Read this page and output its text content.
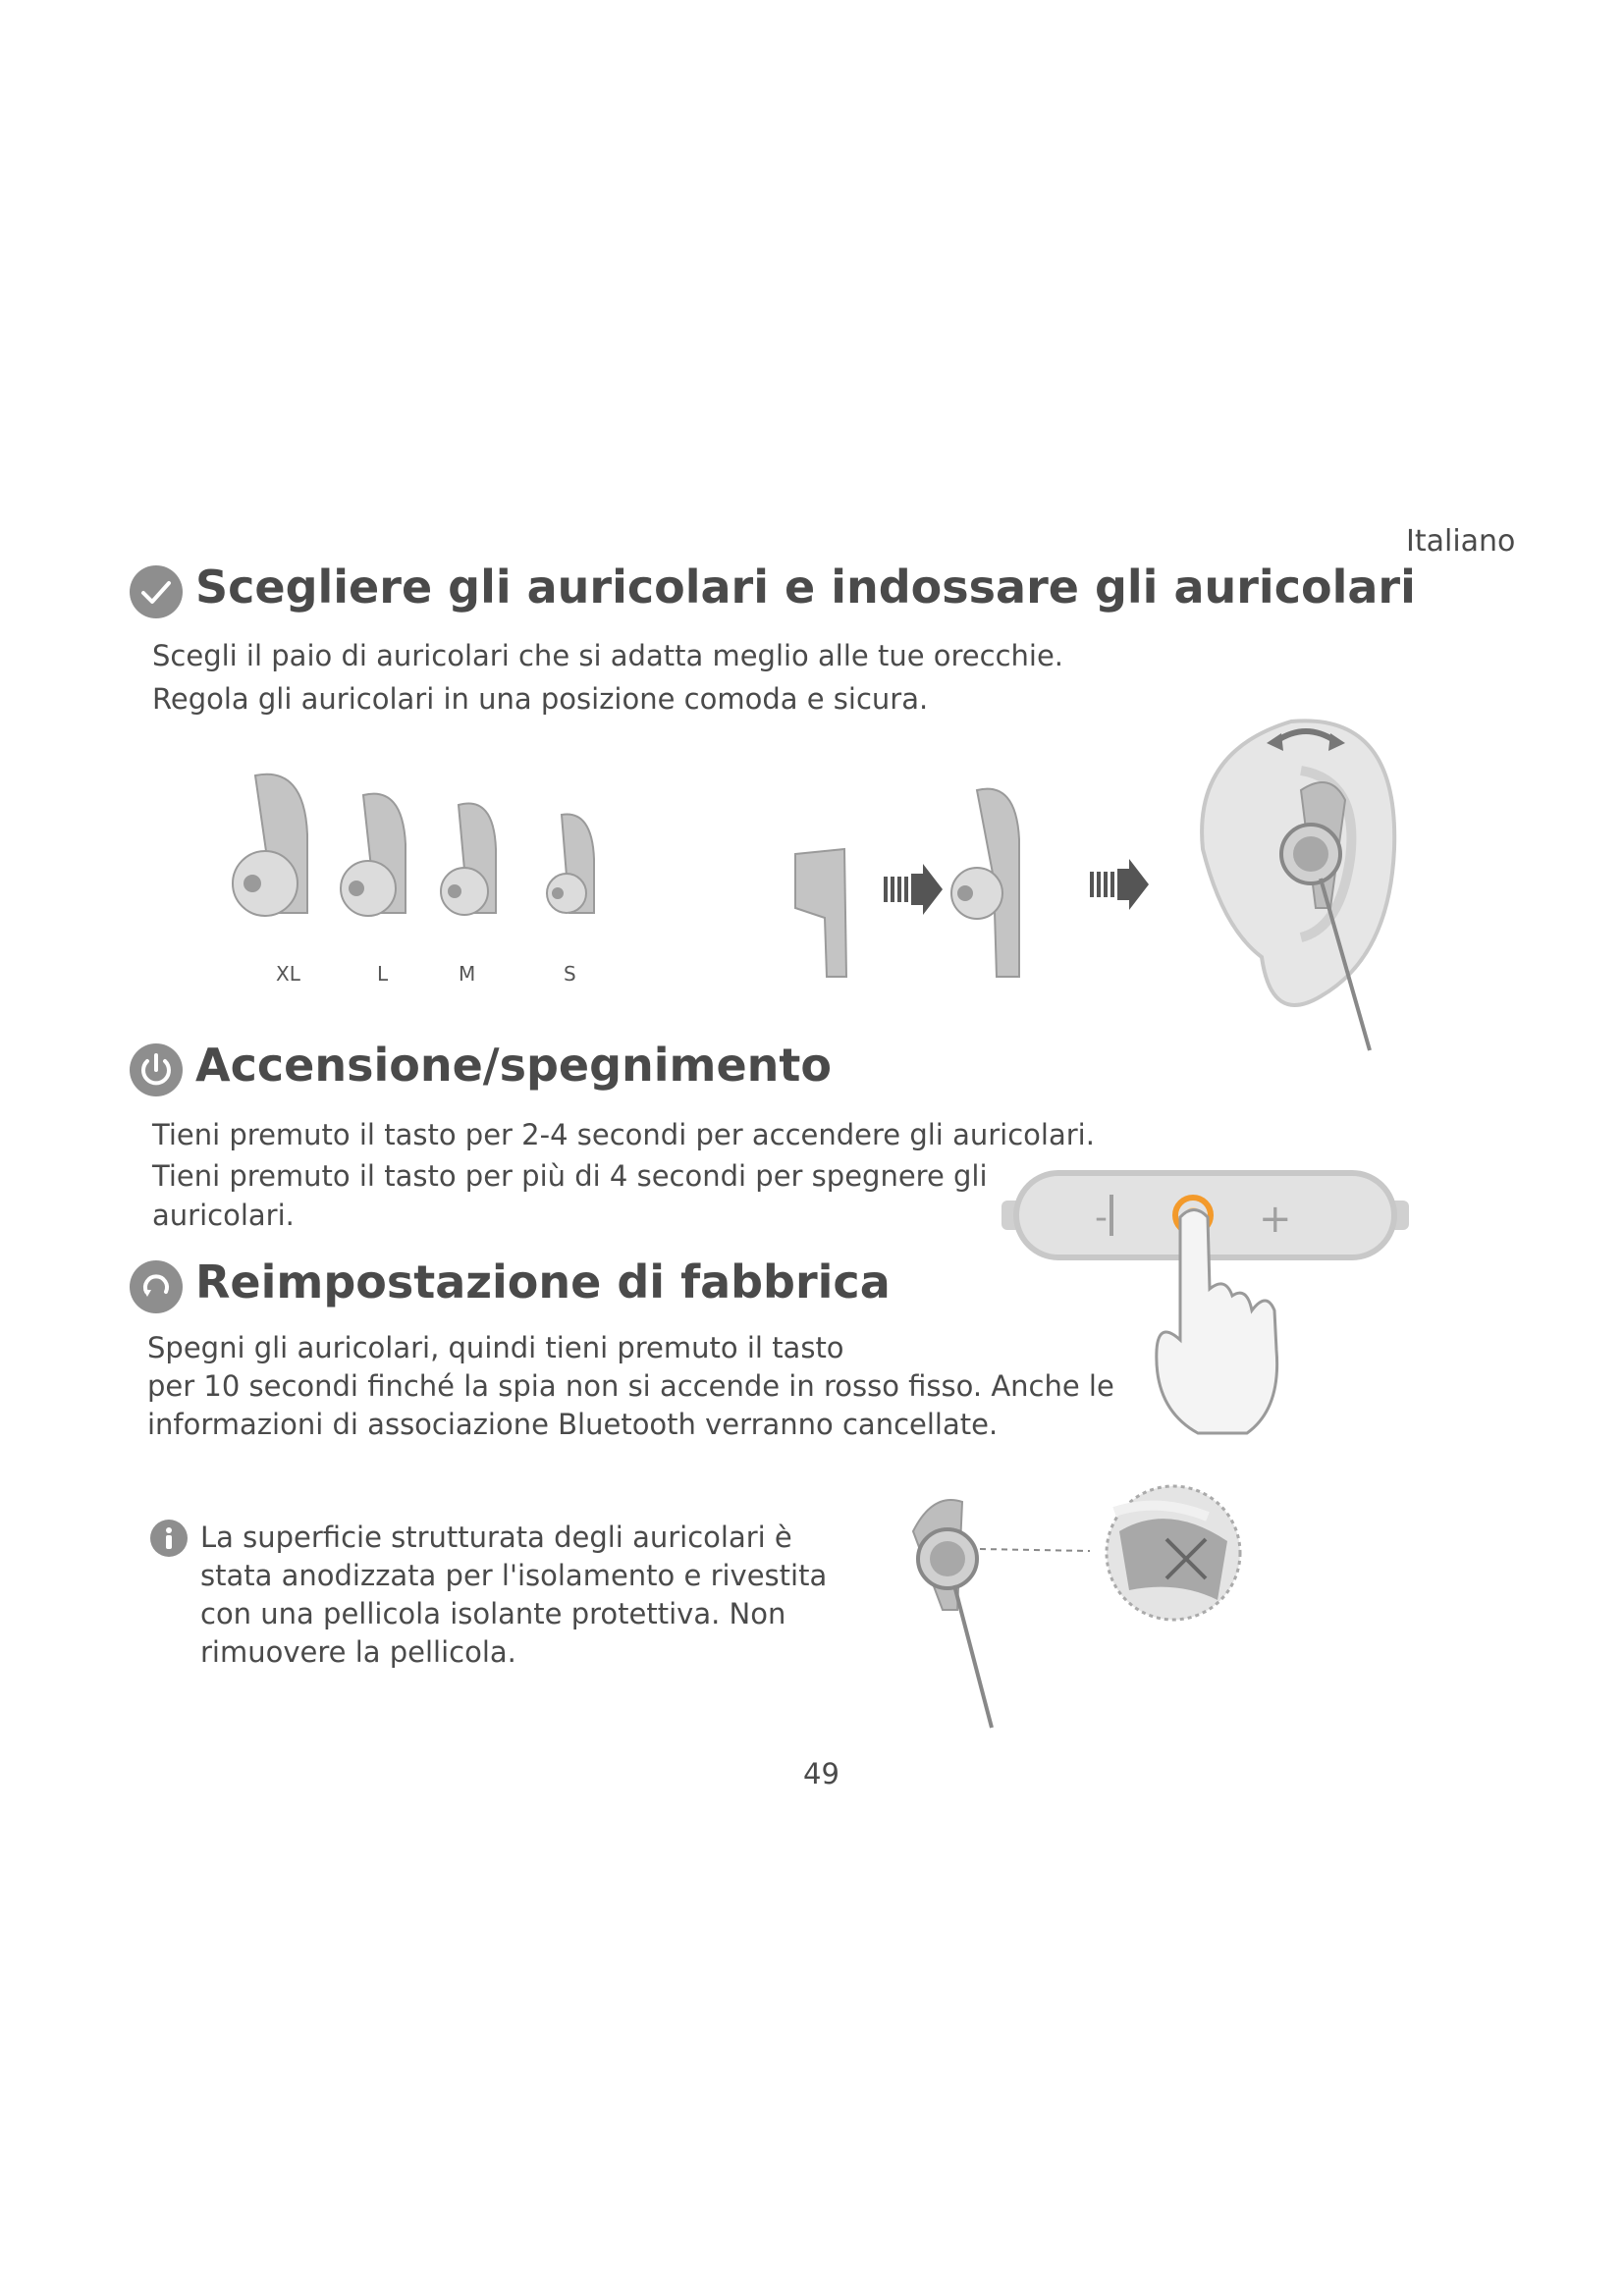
Italiano
Scegliere gli auricolari e indossare gli auricolari
Scegli il paio di auricolari che si adatta meglio alle tue orecchie.
Regola gli auricolari in una posizione comoda e sicura.
XL	L	M	S
Accensione/spegnimento
Tieni premuto il tasto per 2-4 secondi per accendere gli auricolari.
Tieni premuto il tasto per più di 4 secondi per spegnere gli
auricolari.	-	+
Reimpostazione di fabbrica
Spegni gli auricolari, quindi tieni premuto il tasto
per 10 secondi finché la spia non si accende in rosso fisso. Anche le
informazioni di associazione Bluetooth verranno cancellate.
La superficie strutturata degli auricolari è
stata anodizzata per l'isolamento e rivestita
con una pellicola isolante protettiva. Non
rimuovere la pellicola.
49
